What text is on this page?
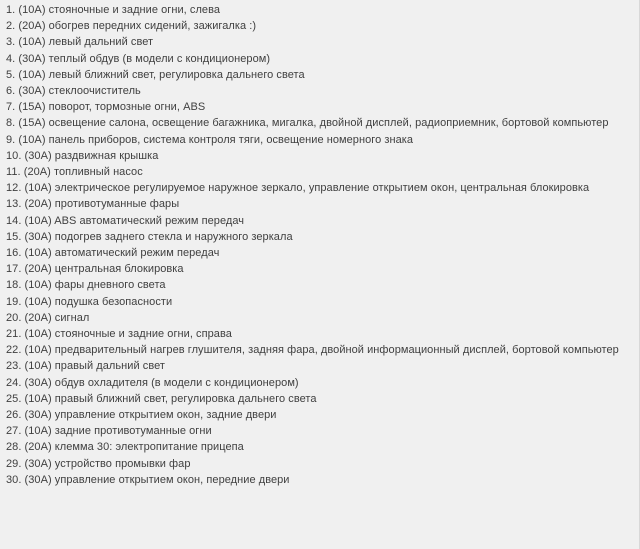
1. (10A) стояночные и задние огни, слева
2. (20A) обогрев передних сидений, зажигалка :)
3. (10A) левый дальний свет
4. (30A) теплый обдув (в модели с кондиционером)
5. (10A) левый ближний свет, регулировка дальнего света
6. (30A) стеклоочиститель
7. (15A) поворот, тормозные огни, ABS
8. (15A) освещение салона, освещение багажника, мигалка, двойной дисплей, радиоприемник, бортовой компьютер
9. (10A) панель приборов, система контроля тяги, освещение номерного знака
10. (30A) раздвижная крышка
11. (20A) топливный насос
12. (10A) электрическое регулируемое наружное зеркало, управление открытием окон, центральная блокировка
13. (20A) противотуманные фары
14. (10A) ABS автоматический режим передач
15. (30A) подогрев заднего стекла и наружного зеркала
16. (10A) автоматический режим передач
17. (20A) центральная блокировка
18. (10A) фары дневного света
19. (10A) подушка безопасности
20. (20A) сигнал
21. (10A) стояночные и задние огни, справа
22. (10A) предварительный нагрев глушителя, задняя фара, двойной информационный дисплей, бортовой компьютер
23. (10A) правый дальний свет
24. (30A) обдув охладителя (в модели с кондиционером)
25. (10A) правый ближний свет, регулировка дальнего света
26. (30A) управление открытием окон, задние двери
27. (10A) задние противотуманные огни
28. (20A) клемма 30: электропитание прицепа
29. (30A) устройство промывки фар
30. (30A) управление открытием окон, передние двери
